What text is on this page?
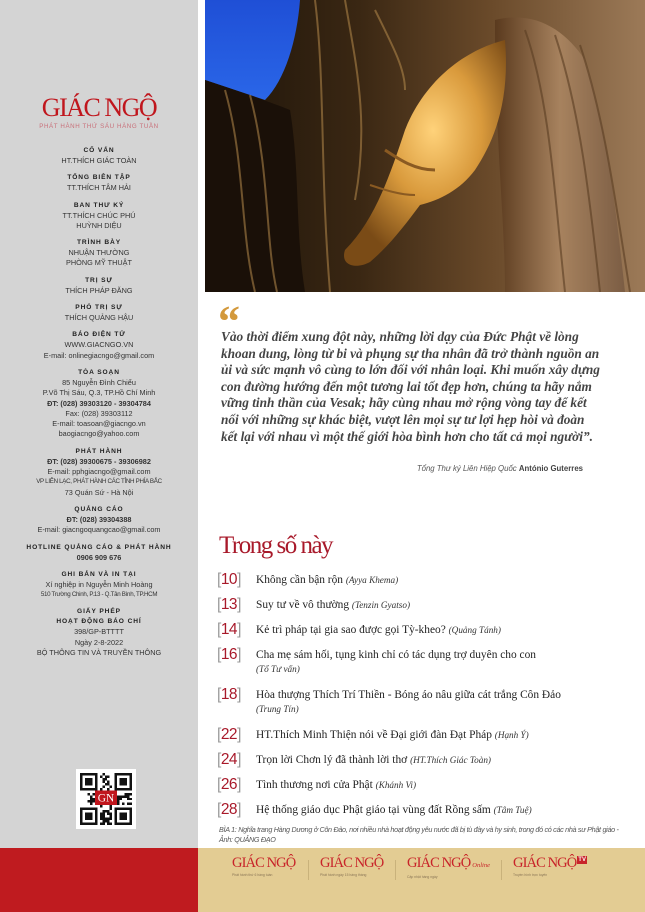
GIÁC NGỘ
PHÁT HÀNH THỨ SÁU HÀNG TUẦN
CỐ VẤN
HT.THÍCH GIÁC TOÀN
TỔNG BIÊN TẬP
TT.THÍCH TÂM HẢI
BAN THƯ KÝ
TT.THÍCH CHÚC PHÚ
HUỲNH DIỆU
TRÌNH BÀY
NHUẬN THƯỜNG
PHÒNG MỸ THUẬT
TRỊ SỰ
THÍCH PHÁP ĐĂNG
PHÓ TRỊ SỰ
THÍCH QUẢNG HẬU
BÁO ĐIỆN TỬ
WWW.GIACNGO.VN
E-mail: onlinegiacngo@gmail.com
TÒA SOẠN
85 Nguyễn Đình Chiểu
P.Võ Thị Sáu, Q.3, TP.Hồ Chí Minh
ĐT: (028) 39303120 - 39304784
Fax: (028) 39303112
E-mail: toasoan@giacngo.vn
baogiacngo@yahoo.com
PHÁT HÀNH
ĐT: (028) 39300675 - 39306982
E-mail: pphgiacngo@gmail.com
VP LIÊN LẠC, PHÁT HÀNH CÁC TỈNH PHÍA BẮC
73 Quán Sứ - Hà Nội
QUẢNG CÁO
ĐT: (028) 39304388
E-mail: giacngoquangcao@gmail.com
HOTLINE QUẢNG CÁO & PHÁT HÀNH
0906 909 676
GHI BẢN VÀ IN TẠI
Xí nghiệp in Nguyễn Minh Hoàng
510 Trường Chinh, P.13 - Q.Tân Bình, TP.HCM
GIẤY PHÉP
HOẠT ĐỘNG BÁO CHÍ
398/GP-BTTTT
Ngày 2-8-2022
BỘ THÔNG TIN VÀ TRUYỀN THÔNG
GN
“
Vào thời điểm xung đột này, những lời dạy của Đức Phật về lòng khoan dung, lòng từ bi và phụng sự tha nhân đã trở thành nguồn an ủi và sức mạnh vô cùng to lớn đối với nhân loại. Khi muốn xây dựng con đường hướng đến một tương lai tốt đẹp hơn, chúng ta hãy nắm vững tinh thần của Vesak; hãy cùng nhau mở rộng vòng tay để kết nối với những sự khác biệt, vượt lên mọi sự tư lợi hẹp hòi và đoàn kết lại với nhau vì một thế giới hòa bình hơn cho tất cả mọi người”.
Tổng Thư ký Liên Hiệp Quốc António Guterres
Trong số này
[10]	Không cần bận rộn (Ayya Khema)
[13]	Suy tư về vô thường (Tenzin Gyatso)
[14]	Kẻ trì pháp tại gia sao được gọi Tỳ-kheo? (Quảng Tánh)
[16]	Cha mẹ sám hối, tụng kinh chỉ có tác dụng trợ duyên cho con
(Tổ Tư vấn)
[18]	Hòa thượng Thích Trí Thiền - Bóng áo nâu giữa cát trắng Côn Đảo
(Trung Tín)
[22]	HT.Thích Minh Thiện nói về Đại giới đàn Đạt Pháp (Hạnh Ý)
[24]	Trọn lời Chơn lý đã thành lời thơ (HT.Thích Giác Toàn)
[26]	Tình thương nơi cửa Phật (Khánh Vi)
[28]	Hệ thống giáo dục Phật giáo tại vùng đất Rồng sấm (Tâm Tuệ)
BÌA 1: Nghĩa trang Hàng Dương ở Côn Đảo, nơi nhiều nhà hoạt động yêu nước đã bị tù đày và hy sinh, trong đó có các nhà sư Phật giáo - Ảnh: QUẢNG ĐẠO
GIÁC NGỘ
Phát hành thứ 6 hàng tuần
GIÁC NGỘ
Phát hành ngày 15 hàng tháng
GIÁC NGỘ Online
Cập nhật hàng ngày
GIÁC NGỘ TV
Truyền hình trực tuyến
